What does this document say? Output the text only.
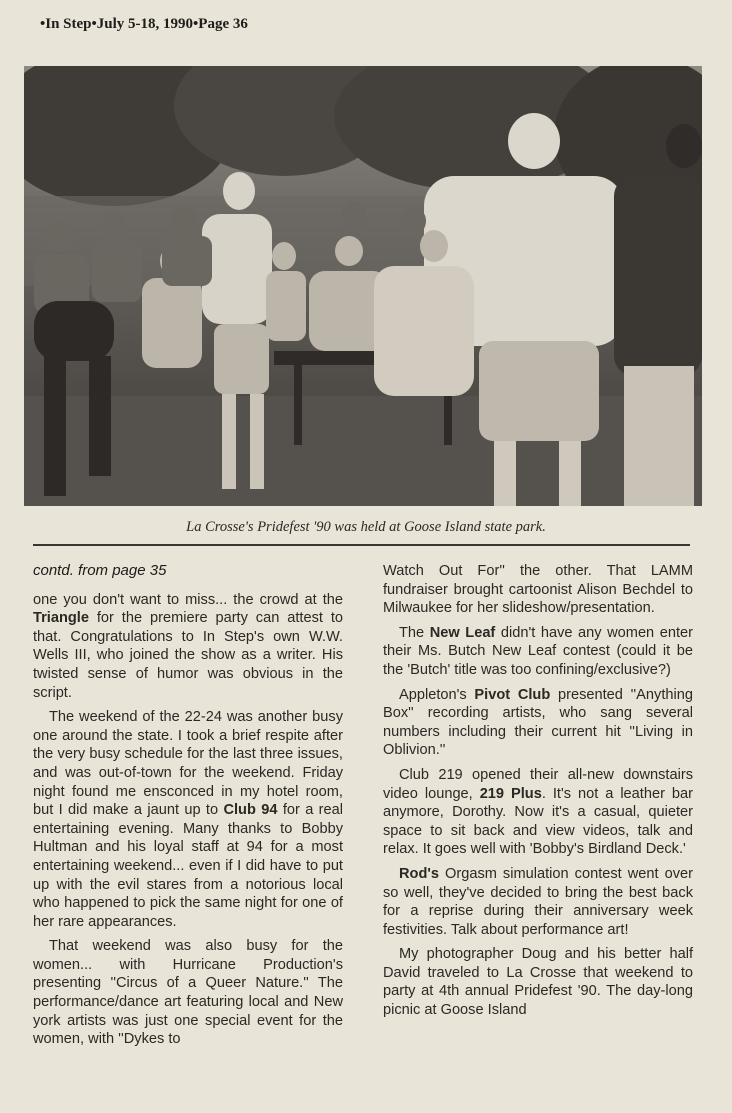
•In Step•July 5-18, 1990•Page 36
La Crosse's Pridefest '90 was held at Goose Island state park.
contd. from page 35

one you don't want to miss... the crowd at the Triangle for the premiere party can attest to that. Congratulations to In Step's own W.W. Wells III, who joined the show as a writer. His twisted sense of humor was obvious in the script.

The weekend of the 22-24 was another busy one around the state. I took a brief respite after the very busy schedule for the last three issues, and was out-of-town for the weekend. Friday night found me ensconced in my hotel room, but I did make a jaunt up to Club 94 for a real entertaining evening. Many thanks to Bobby Hultman and his loyal staff at 94 for a most entertaining weekend... even if I did have to put up with the evil stares from a notorious local who happened to pick the same night for one of her rare appearances.

That weekend was also busy for the women... with Hurricane Production's presenting ''Circus of a Queer Nature.'' The performance/dance art featuring local and New york artists was just one special event for the women, with ''Dykes to

Watch Out For'' the other. That LAMM fundraiser brought cartoonist Alison Bechdel to Milwaukee for her slideshow/presentation.

The New Leaf didn't have any women enter their Ms. Butch New Leaf contest (could it be the 'Butch' title was too confining/exclusive?)

Appleton's Pivot Club presented ''Anything Box'' recording artists, who sang several numbers including their current hit ''Living in Oblivion.''

Club 219 opened their all-new downstairs video lounge, 219 Plus. It's not a leather bar anymore, Dorothy. Now it's a casual, quieter space to sit back and view videos, talk and relax. It goes well with 'Bobby's Birdland Deck.'

Rod's Orgasm simulation contest went over so well, they've decided to bring the best back for a reprise during their anniversary week festivities. Talk about performance art!

My photographer Doug and his better half David traveled to La Crosse that weekend to party at 4th annual Pridefest '90. The day-long picnic at Goose Island
